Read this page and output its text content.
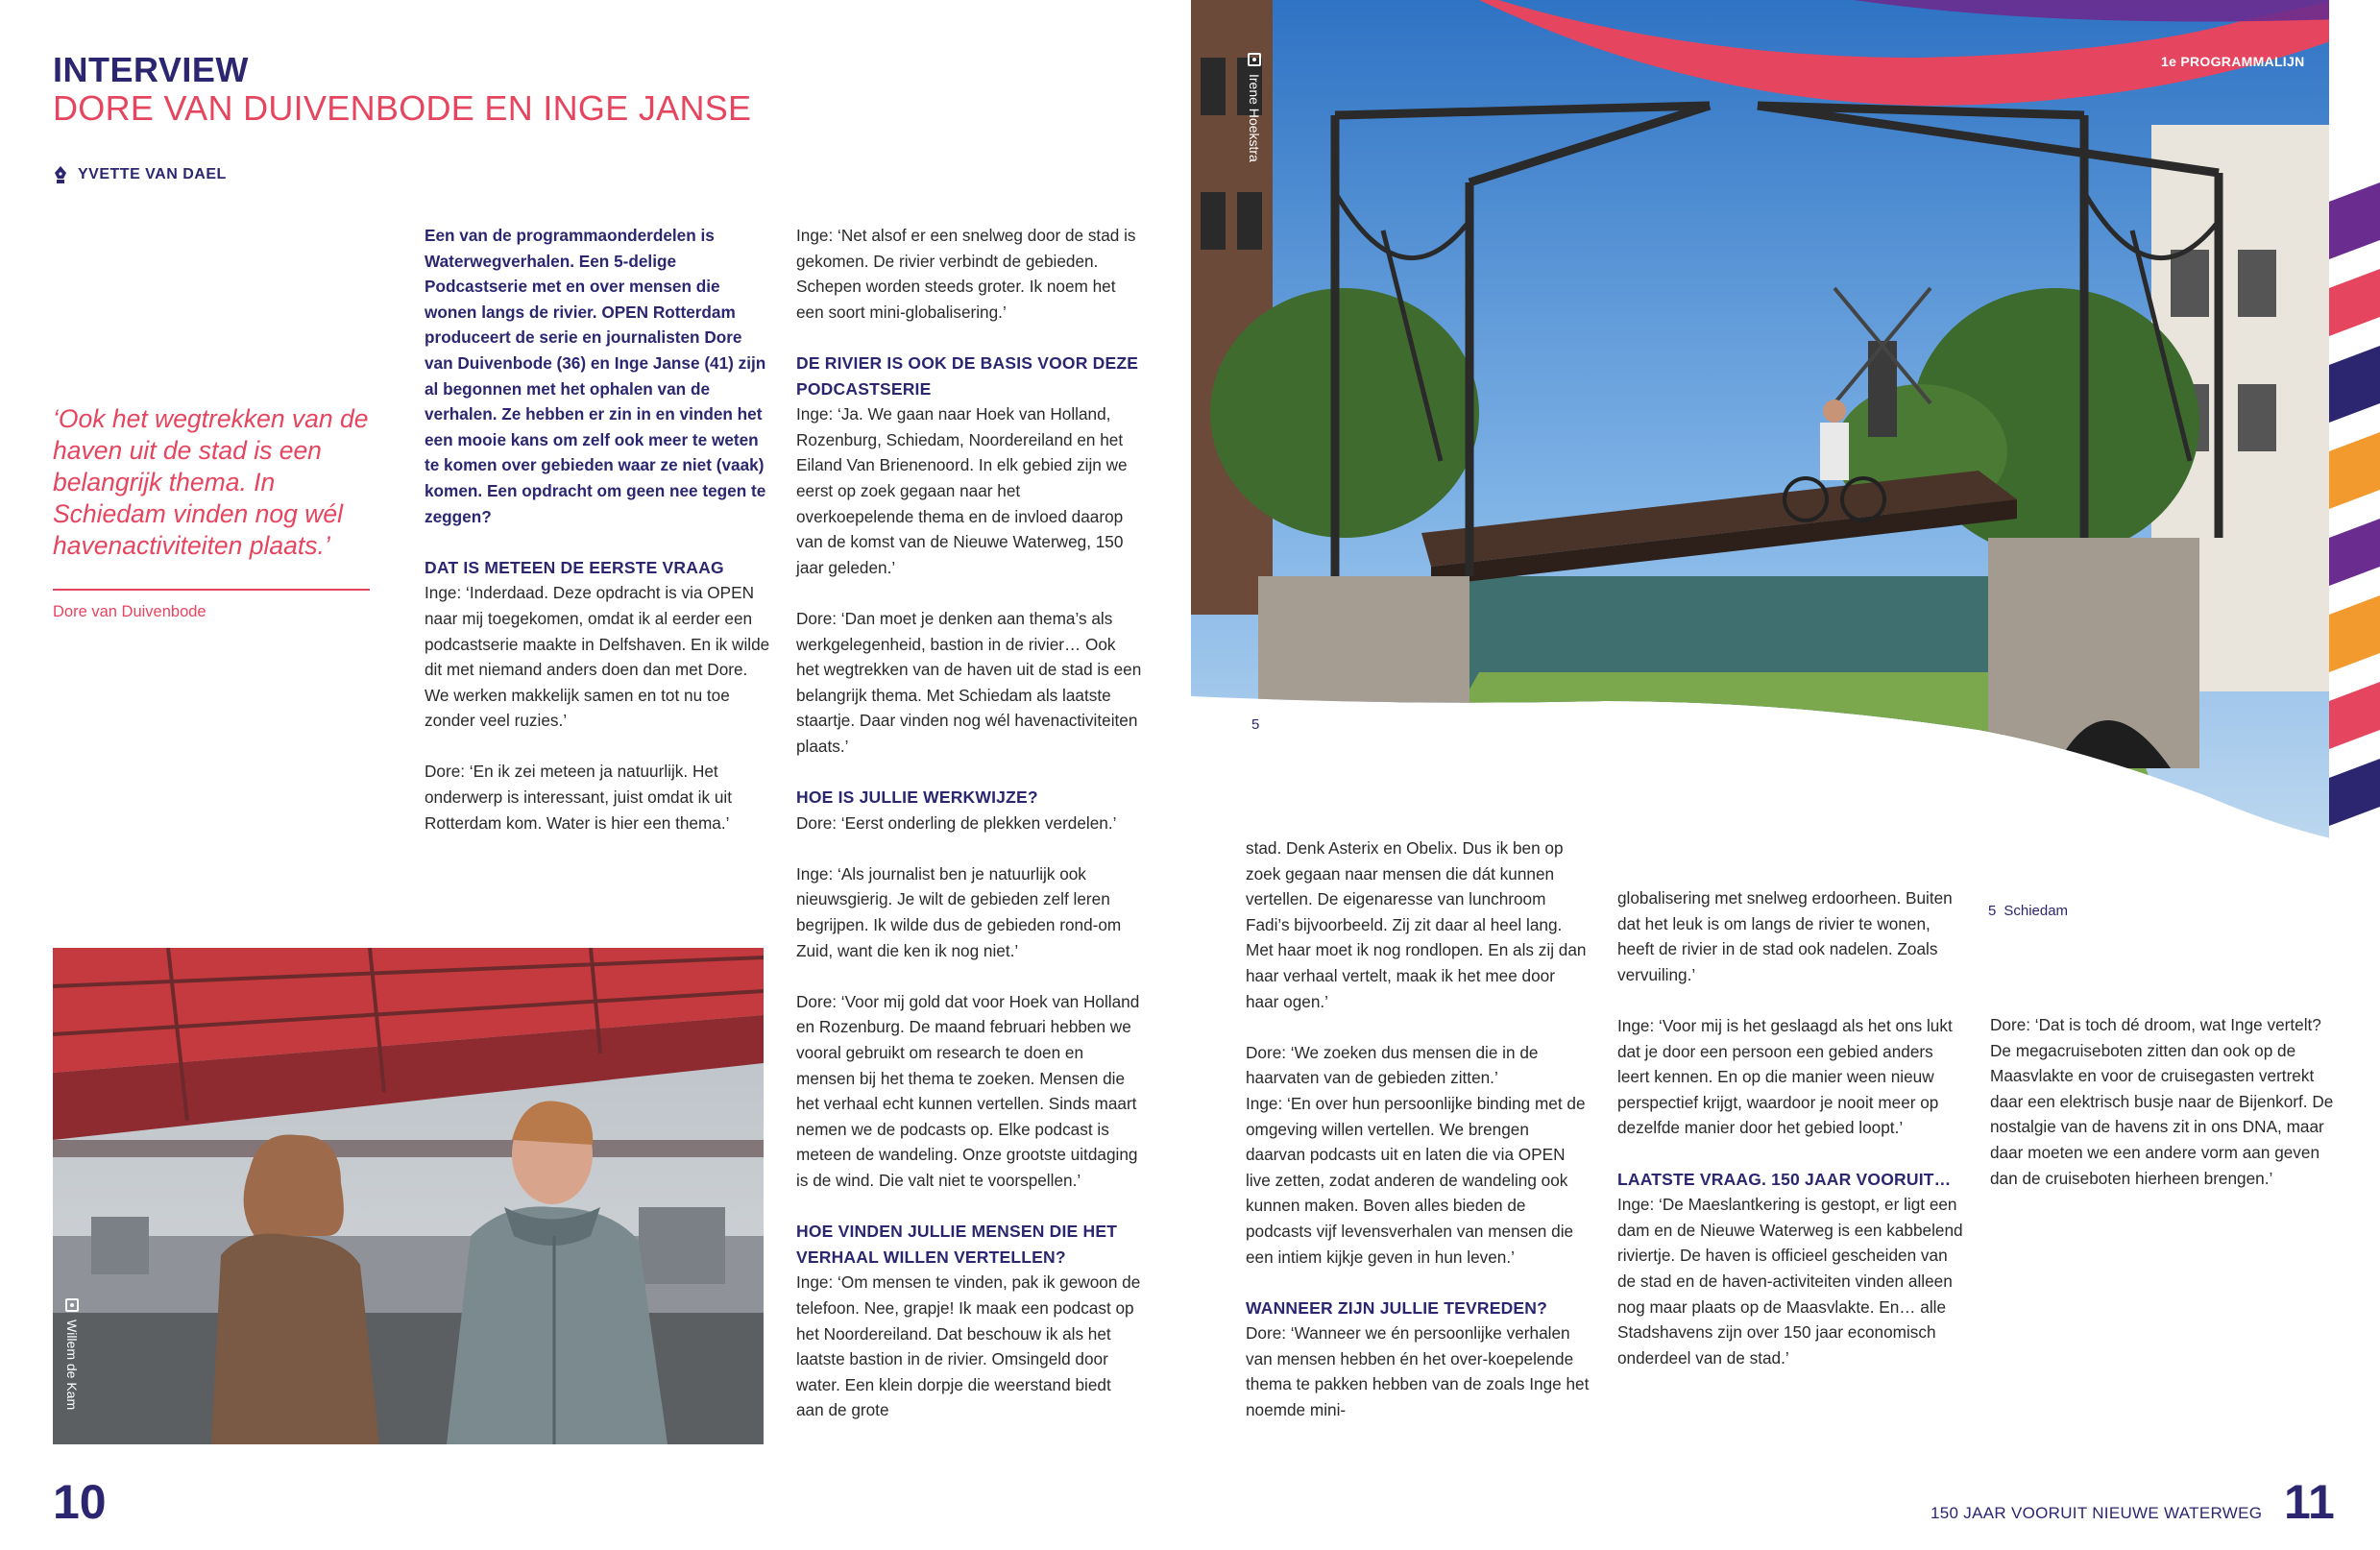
INTERVIEW
DORE VAN DUIVENBODE EN INGE JANSE
YVETTE VAN DAEL
‘Ook het wegtrekken van de haven uit de stad is een belangrijk thema. In Schiedam vinden nog wél havenactiviteiten plaats.’
Dore van Duivenbode

Een van de programmaonderdelen is Waterwegverhalen. Een 5-delige Podcastserie met en over mensen die wonen langs de rivier. OPEN Rotterdam produceert de serie en journalisten Dore van Duivenbode (36) en Inge Janse (41) zijn al begonnen met het ophalen van de verhalen. Ze hebben er zin in en vinden het een mooie kans om zelf ook meer te weten te komen over gebieden waar ze niet (vaak) komen. Een opdracht om geen nee tegen te zeggen?

DAT IS METEEN DE EERSTE VRAAG

Inge: ‘Inderdaad. Deze opdracht is via OPEN naar mij toegekomen, omdat ik al eerder een podcastserie maakte in Delfshaven. En ik wilde dit met niemand anders doen dan met Dore. We werken makkelijk samen en tot nu toe zonder veel ruzies.’

Dore: ‘En ik zei meteen ja natuurlijk. Het onderwerp is interessant, juist omdat ik uit Rotterdam kom. Water is hier een thema.’

Inge: ‘Net alsof er een snelweg door de stad is gekomen. De rivier verbindt de gebieden. Schepen worden steeds groter. Ik noem het een soort mini-globalisering.’

DE RIVIER IS OOK DE BASIS VOOR DEZE PODCASTSERIE

Inge: ‘Ja. We gaan naar Hoek van Holland, Rozenburg, Schiedam, Noordereiland en het Eiland Van Brienenoord. In elk gebied zijn we eerst op zoek gegaan naar het overkoepelende thema en de invloed daarop van de komst van de Nieuwe Waterweg, 150 jaar geleden.’

Dore: ‘Dan moet je denken aan thema’s als werkgelegenheid, bastion in de rivier… Ook het wegtrekken van de haven uit de stad is een belangrijk thema. Met Schiedam als laatste staartje. Daar vinden nog wél havenactiviteiten plaats.’

HOE IS JULLIE WERKWIJZE?

Dore: ‘Eerst onderling de plekken verdelen.’

Inge: ‘Als journalist ben je natuurlijk ook nieuwsgierig. Je wilt de gebieden zelf leren begrijpen. Ik wilde dus de gebieden rond-om Zuid, want die ken ik nog niet.’

Dore: ‘Voor mij gold dat voor Hoek van Holland en Rozenburg. De maand februari hebben we vooral gebruikt om research te doen en mensen bij het thema te zoeken. Mensen die het verhaal echt kunnen vertellen. Sinds maart nemen we de podcasts op. Elke podcast is meteen de wandeling. Onze grootste uitdaging is de wind. Die valt niet te voorspellen.’

HOE VINDEN JULLIE MENSEN DIE HET VERHAAL WILLEN VERTELLEN?

Inge: ‘Om mensen te vinden, pak ik gewoon de telefoon. Nee, grapje! Ik maak een podcast op het Noordereiland. Dat beschouw ik als het laatste bastion in de rivier. Omsingeld door water. Een klein dorpje die weerstand biedt aan de grote

Willem de Kam
Irene Hoekstra
1e PROGRAMMALIJN
5
5 Schiedam

stad. Denk Asterix en Obelix. Dus ik ben op zoek gegaan naar mensen die dát kunnen vertellen. De eigenaresse van lunchroom Fadi’s bijvoorbeeld. Zij zit daar al heel lang. Met haar moet ik nog rondlopen. En als zij dan haar verhaal vertelt, maak ik het mee door haar ogen.’

Dore: ‘We zoeken dus mensen die in de haarvaten van de gebieden zitten.’

Inge: ‘En over hun persoonlijke binding met de omgeving willen vertellen. We brengen daarvan podcasts uit en laten die via OPEN live zetten, zodat anderen de wandeling ook kunnen maken. Boven alles bieden de podcasts vijf levensverhalen van mensen die een intiem kijkje geven in hun leven.’

WANNEER ZIJN JULLIE TEVREDEN?

Dore: ‘Wanneer we én persoonlijke verhalen van mensen hebben én het over-koepelende thema te pakken hebben van de zoals Inge het noemde mini-

globalisering met snelweg erdoorheen. Buiten dat het leuk is om langs de rivier te wonen, heeft de rivier in de stad ook nadelen. Zoals vervuiling.’

Inge: ‘Voor mij is het geslaagd als het ons lukt dat je door een persoon een gebied anders leert kennen. En op die manier ween nieuw perspectief krijgt, waardoor je nooit meer op dezelfde manier door het gebied loopt.’

LAATSTE VRAAG. 150 JAAR VOORUIT…

Inge: ‘De Maeslantkering is gestopt, er ligt een dam en de Nieuwe Waterweg is een kabbelend riviertje. De haven is officieel gescheiden van de stad en de haven-activiteiten vinden alleen nog maar plaats op de Maasvlakte. En… alle Stadshavens zijn over 150 jaar economisch onderdeel van de stad.’

Dore: ‘Dat is toch dé droom, wat Inge vertelt? De megacruiseboten zitten dan ook op de Maasvlakte en voor de cruisegasten vertrekt daar een elektrisch busje naar de Bijenkorf. De nostalgie van de havens zit in ons DNA, maar daar moeten we een andere vorm aan geven dan de cruiseboten hierheen brengen.’

10	150 JAAR VOORUIT NIEUWE WATERWEG 11
